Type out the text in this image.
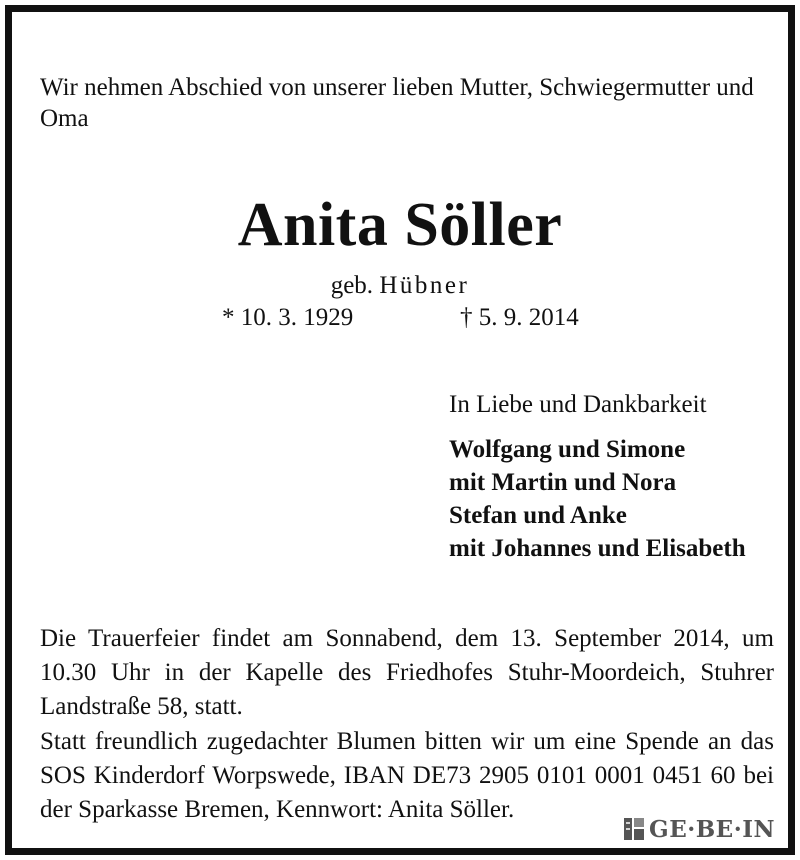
Wir nehmen Abschied von unserer lieben Mutter, Schwiegermutter und Oma

Anita Söller

geb. Hübner

* 10. 3. 1929	† 5. 9. 2014

In Liebe und Dankbarkeit

Wolfgang und Simone
mit Martin und Nora
Stefan und Anke
mit Johannes und Elisabeth

Die Trauerfeier findet am Sonnabend, dem 13. September 2014, um 10.30 Uhr in der Kapelle des Friedhofes Stuhr-Moordeich, Stuhrer Landstraße 58, statt.

Statt freundlich zugedachter Blumen bitten wir um eine Spende an das SOS Kinderdorf Worpswede, IBAN DE73 2905 0101 0001 0451 60 bei der Sparkasse Bremen, Kennwort: Anita Söller.

GE·BE·IN
